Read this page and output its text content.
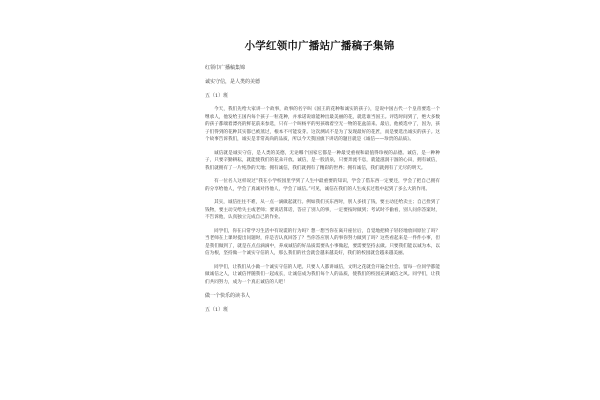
小学红领巾广播站广播稿子集锦
红领巾广播稿集锦
诚实守信，是人类的美德
五（1）班
今天，我们先给大家讲一个故事，故事的名字叫《国王的花种和诚实的孩子》，是说中国古代一个皇帝要选一个继承人，他发给王国内每个孩子一粒花种，并承诺说谁能种出最美丽的花，就选谁当国王。评选时间到了，绝大多数的孩子都端着漂亮的鲜花前来参选，只有一个叫杨平的男孩端着空无一物的花盆前来。最后，他被选中了，因为，孩子们得到的花种其实都已被蒸过，根本不可能发芽。这次测试不是为了发现最好的花匠，而是要选出诚实的孩子。这个故事告诉我们，诚实是非常高尚的品质，所以今天我国旗下讲话的题目就是《诚信——珍贵的品质》。
诚信就是诚实守信，是人类的美德，无论哪个国家它都是一种最受重视和最值得珍视的品德。诚信，是一种种子，只要辛勤耕耘，就能使我们的花朵开放。诚信，是一股清泉，只要奔流不息，就能滋润干涸的心田，拥有诚信，我们就拥有了一片纯净的天地；拥有诚信，我们就拥有了精彩的世界；拥有诚信，我们就拥有了无尽的明天。
有一位名人这样说过“我在小学校园里学到了人生中最重要的知识，学会了借东西一定要还，学会了把自己拥有的分享给他人，学会了真诚对待他人，学会了诚信。”可见，诚信在我们的人生成长过程中起到了多么大的作用。
其实，诚信往往不难，从一点一滴做起就行。例如我们买东西时，别人多找了钱，要主动还给卖主；自己捡到了钱物，要主动交给失主或老师；要说话算话，答应了别人的事，一定要按时做到；考试时不偷看，别人问你答案时，不告诉他，认真独立完成自己的作业。
同学们，你在日常学习生活中有说谎的行为吗？想一想当你在离开座位后，自觉地把椅子轻轻地放回原位了吗？当老师在上课时提出问题时，你是否认真回答了？当你答应别人的事你努力做到了吗？这些看起来是一件件小事，但是我们做到了，就是在点点滴滴中，养成诚信的好品质需要从小事做起，要需要坚持去做。只要我们能以诚为本，以信为根，坚持做一个诚实守信的人，那么我们的社会就会越来越美好，我们的校园就会越来越美丽。
同学们，让我们从小做一个诚实守信的人吧。只要人人都讲诚信，文明之花就会开遍全社会。留每一位同学都能做诚信之人，让诚信伴随我们一起成长，让诚信成为我们每个人的品质，使我们的校园充满诚信之风。同学们，让我们共同努力，成为一个真正诚信的人吧！
做一个快乐的读书人
五（1）班
